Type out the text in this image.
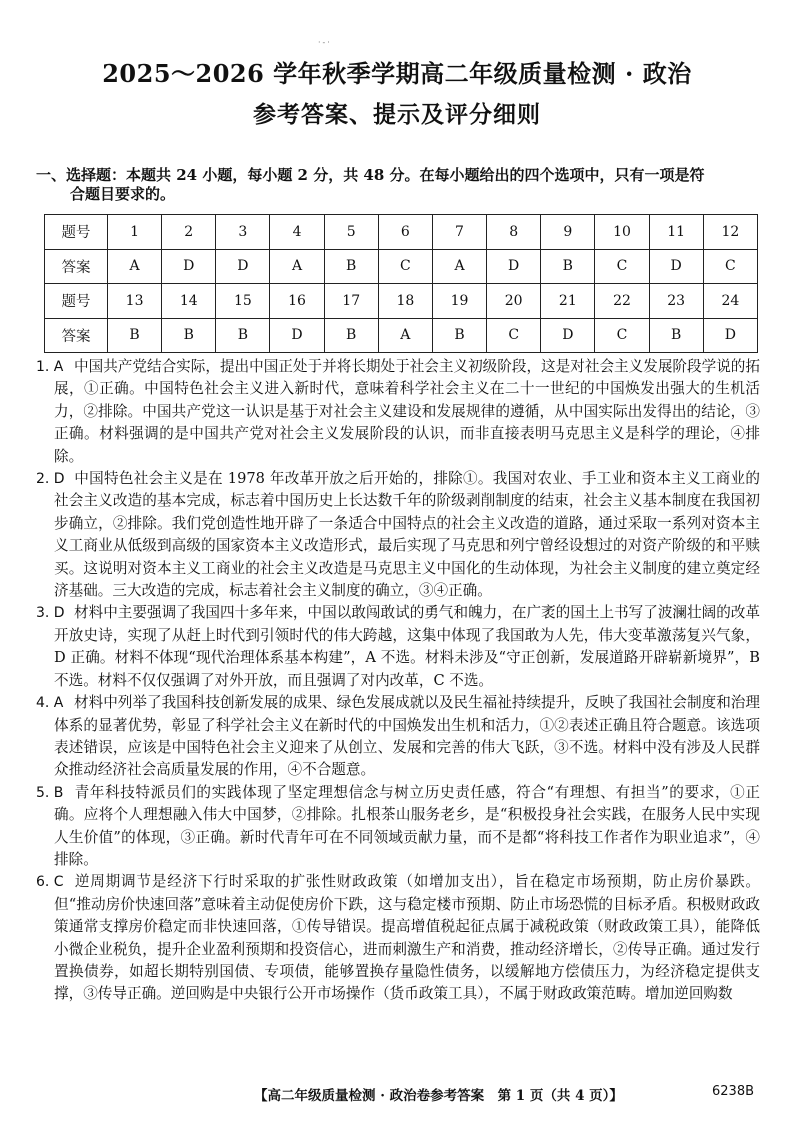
·-·
2025～2026 学年秋季学期高二年级质量检测 · 政治
参考答案、提示及评分细则
一、选择题：本题共 24 小题，每小题 2 分，共 48 分。在每小题给出的四个选项中，只有一项是符
合题目要求的。
题号	1	2	3	4	5	6	7	8	9	10	11	12
答案	A	D	D	A	B	C	A	D	B	C	D	C
题号	13	14	15	16	17	18	19	20	21	22	23	24
答案	B	B	B	D	B	A	B	C	D	C	B	D
1. A 中国共产党结合实际，提出中国正处于并将长期处于社会主义初级阶段，这是对社会主义发展阶段学说的拓展，①正确。中国特色社会主义进入新时代，意味着科学社会主义在二十一世纪的中国焕发出强大的生机活力，②排除。中国共产党这一认识是基于对社会主义建设和发展规律的遵循，从中国实际出发得出的结论，③正确。材料强调的是中国共产党对社会主义发展阶段的认识，而非直接表明马克思主义是科学的理论，④排除。
2. D 中国特色社会主义是在 1978 年改革开放之后开始的，排除①。我国对农业、手工业和资本主义工商业的社会主义改造的基本完成，标志着中国历史上长达数千年的阶级剥削制度的结束，社会主义基本制度在我国初步确立，②排除。我们党创造性地开辟了一条适合中国特点的社会主义改造的道路，通过采取一系列对资本主义工商业从低级到高级的国家资本主义改造形式，最后实现了马克思和列宁曾经设想过的对资产阶级的和平赎买。这说明对资本主义工商业的社会主义改造是马克思主义中国化的生动体现，为社会主义制度的建立奠定经济基础。三大改造的完成，标志着社会主义制度的确立，③④正确。
3. D 材料中主要强调了我国四十多年来，中国以敢闯敢试的勇气和魄力，在广袤的国土上书写了波澜壮阔的改革开放史诗，实现了从赶上时代到引领时代的伟大跨越，这集中体现了我国敢为人先，伟大变革激荡复兴气象，D 正确。材料不体现“现代治理体系基本构建”，A 不选。材料未涉及“守正创新，发展道路开辟崭新境界”，B 不选。材料不仅仅强调了对外开放，而且强调了对内改革，C 不选。
4. A 材料中列举了我国科技创新发展的成果、绿色发展成就以及民生福祉持续提升，反映了我国社会制度和治理体系的显著优势，彰显了科学社会主义在新时代的中国焕发出生机和活力，①②表述正确且符合题意。该选项表述错误，应该是中国特色社会主义迎来了从创立、发展和完善的伟大飞跃，③不选。材料中没有涉及人民群众推动经济社会高质量发展的作用，④不合题意。
5. B 青年科技特派员们的实践体现了坚定理想信念与树立历史责任感，符合“有理想、有担当”的要求，①正确。应将个人理想融入伟大中国梦，②排除。扎根茶山服务老乡，是“积极投身社会实践，在服务人民中实现人生价值”的体现，③正确。新时代青年可在不同领域贡献力量，而不是都“将科技工作者作为职业追求”，④排除。
6. C 逆周期调节是经济下行时采取的扩张性财政政策（如增加支出），旨在稳定市场预期，防止房价暴跌。但“推动房价快速回落”意味着主动促使房价下跌，这与稳定楼市预期、防止市场恐慌的目标矛盾。积极财政政策通常支撑房价稳定而非快速回落，①传导错误。提高增值税起征点属于减税政策（财政政策工具），能降低小微企业税负，提升企业盈利预期和投资信心，进而刺激生产和消费，推动经济增长，②传导正确。通过发行置换债券，如超长期特别国债、专项债，能够置换存量隐性债务，以缓解地方偿债压力，为经济稳定提供支撑，③传导正确。逆回购是中央银行公开市场操作（货币政策工具），不属于财政政策范畴。增加逆回购数
【高二年级质量检测 · 政治卷参考答案　第 1 页（共 4 页）】	6238B
